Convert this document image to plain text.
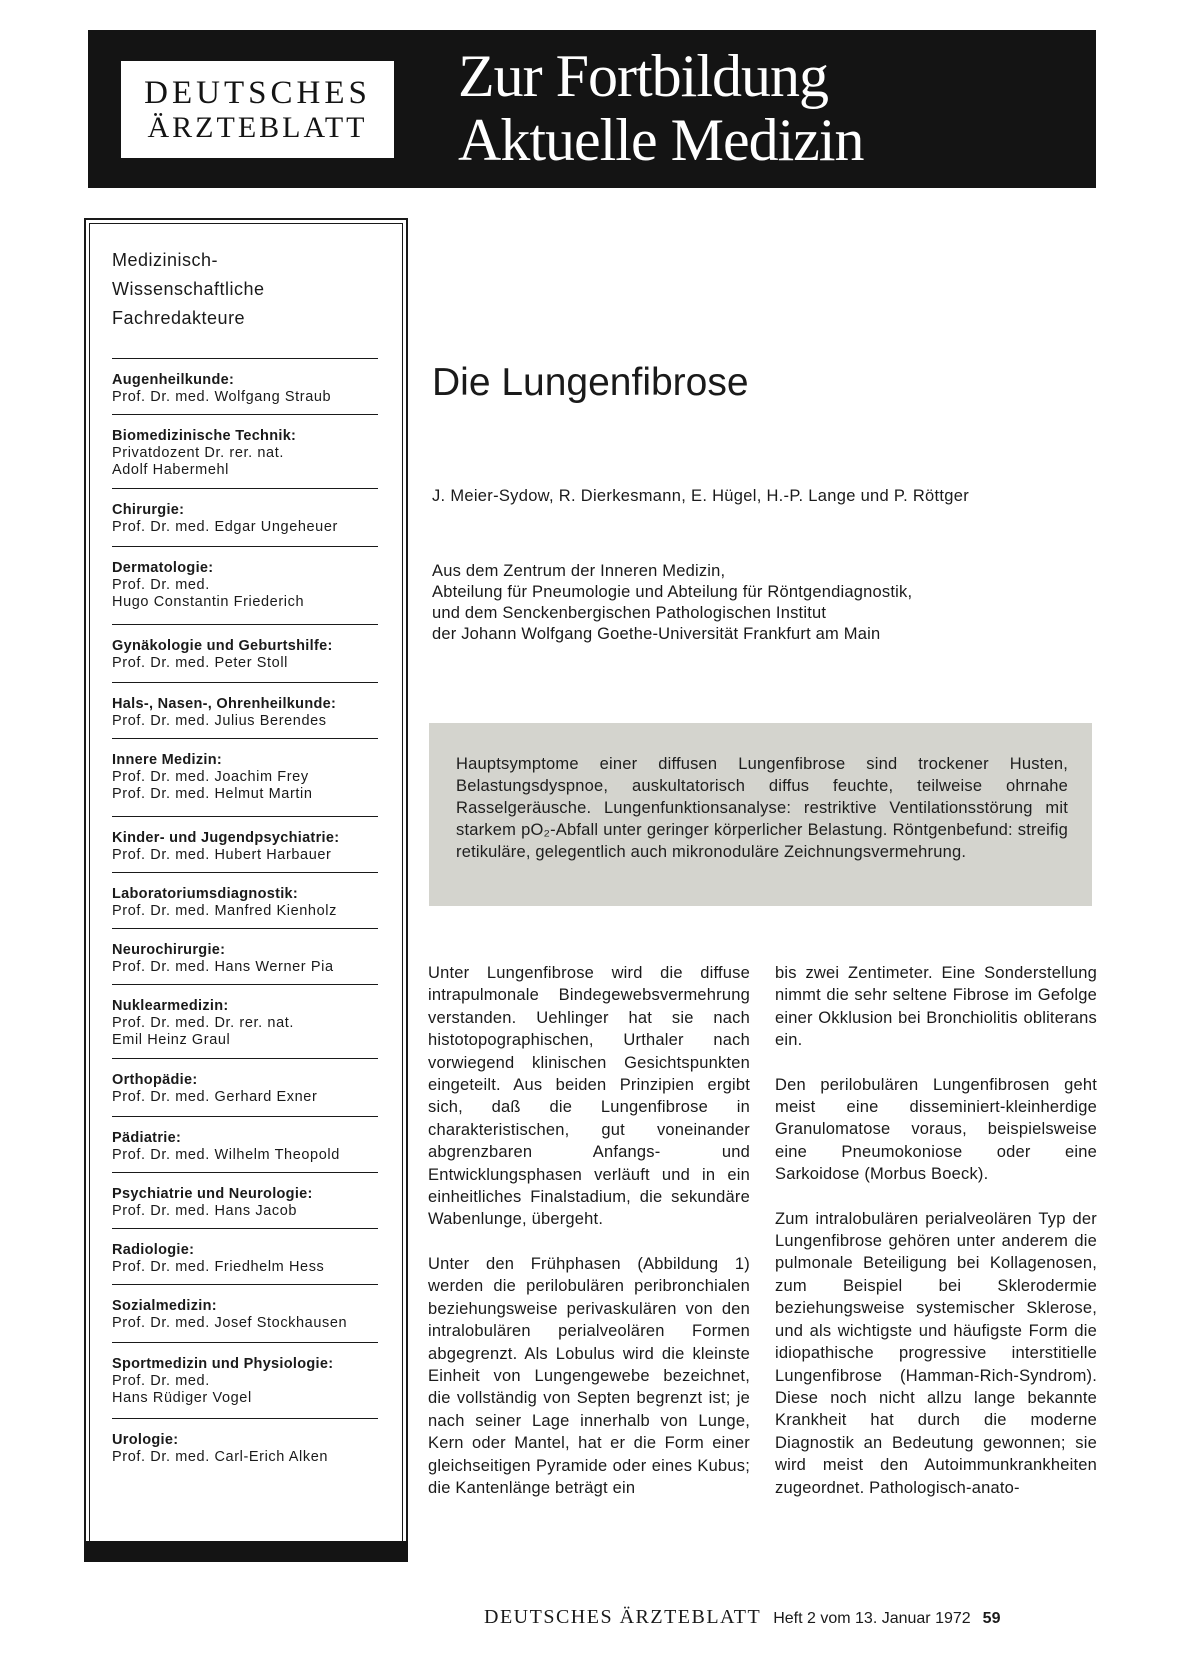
DEUTSCHES
ÄRZTEBLATT
Zur Fortbildung
Aktuelle Medizin
Medizinisch-
Wissenschaftliche
Fachredakteure
Augenheilkunde:
Prof. Dr. med. Wolfgang Straub
Biomedizinische Technik:
Privatdozent Dr. rer. nat.
Adolf Habermehl
Chirurgie:
Prof. Dr. med. Edgar Ungeheuer
Dermatologie:
Prof. Dr. med.
Hugo Constantin Friederich
Gynäkologie und Geburtshilfe:
Prof. Dr. med. Peter Stoll
Hals-, Nasen-, Ohrenheilkunde:
Prof. Dr. med. Julius Berendes
Innere Medizin:
Prof. Dr. med. Joachim Frey
Prof. Dr. med. Helmut Martin
Kinder- und Jugendpsychiatrie:
Prof. Dr. med. Hubert Harbauer
Laboratoriumsdiagnostik:
Prof. Dr. med. Manfred Kienholz
Neurochirurgie:
Prof. Dr. med. Hans Werner Pia
Nuklearmedizin:
Prof. Dr. med. Dr. rer. nat.
Emil Heinz Graul
Orthopädie:
Prof. Dr. med. Gerhard Exner
Pädiatrie:
Prof. Dr. med. Wilhelm Theopold
Psychiatrie und Neurologie:
Prof. Dr. med. Hans Jacob
Radiologie:
Prof. Dr. med. Friedhelm Hess
Sozialmedizin:
Prof. Dr. med. Josef Stockhausen
Sportmedizin und Physiologie:
Prof. Dr. med.
Hans Rüdiger Vogel
Urologie:
Prof. Dr. med. Carl-Erich Alken
Die Lungenfibrose
J. Meier-Sydow, R. Dierkesmann, E. Hügel, H.-P. Lange und P. Röttger
Aus dem Zentrum der Inneren Medizin,
Abteilung für Pneumologie und Abteilung für Röntgendiagnostik,
und dem Senckenbergischen Pathologischen Institut
der Johann Wolfgang Goethe-Universität Frankfurt am Main
Hauptsymptome einer diffusen Lungenfibrose sind trockener Husten, Belastungsdyspnoe, auskultatorisch diffus feuchte, teilweise ohrnahe Rasselgeräusche. Lungenfunktionsanalyse: restriktive Ventilationsstörung mit starkem pO₂-Abfall unter geringer körperlicher Belastung. Röntgenbefund: streifig retikuläre, gelegentlich auch mikronoduläre Zeichnungsvermehrung.

Unter Lungenfibrose wird die diffuse intrapulmonale Bindegewebsvermehrung verstanden. Uehlinger hat sie nach histotopographischen, Urthaler nach vorwiegend klinischen Gesichtspunkten eingeteilt. Aus beiden Prinzipien ergibt sich, daß die Lungenfibrose in charakteristischen, gut voneinander abgrenzbaren Anfangs- und Entwicklungsphasen verläuft und in ein einheitliches Finalstadium, die sekundäre Wabenlunge, übergeht.

Unter den Frühphasen (Abbildung 1) werden die perilobulären peribronchialen beziehungsweise perivaskulären von den intralobulären perialveolären Formen abgegrenzt. Als Lobulus wird die kleinste Einheit von Lungengewebe bezeichnet, die vollständig von Septen begrenzt ist; je nach seiner Lage innerhalb von Lunge, Kern oder Mantel, hat er die Form einer gleichseitigen Pyramide oder eines Kubus; die Kantenlänge beträgt ein

bis zwei Zentimeter. Eine Sonderstellung nimmt die sehr seltene Fibrose im Gefolge einer Okklusion bei Bronchiolitis obliterans ein.

Den perilobulären Lungenfibrosen geht meist eine disseminiert-kleinherdige Granulomatose voraus, beispielsweise eine Pneumokoniose oder eine Sarkoidose (Morbus Boeck).

Zum intralobulären perialveolären Typ der Lungenfibrose gehören unter anderem die pulmonale Beteiligung bei Kollagenosen, zum Beispiel bei Sklerodermie beziehungsweise systemischer Sklerose, und als wichtigste und häufigste Form die idiopathische progressive interstitielle Lungenfibrose (Hamman-Rich-Syndrom). Diese noch nicht allzu lange bekannte Krankheit hat durch die moderne Diagnostik an Bedeutung gewonnen; sie wird meist den Autoimmunkrankheiten zugeordnet. Pathologisch-anato-

DEUTSCHES ÄRZTEBLATT Heft 2 vom 13. Januar 1972 59
